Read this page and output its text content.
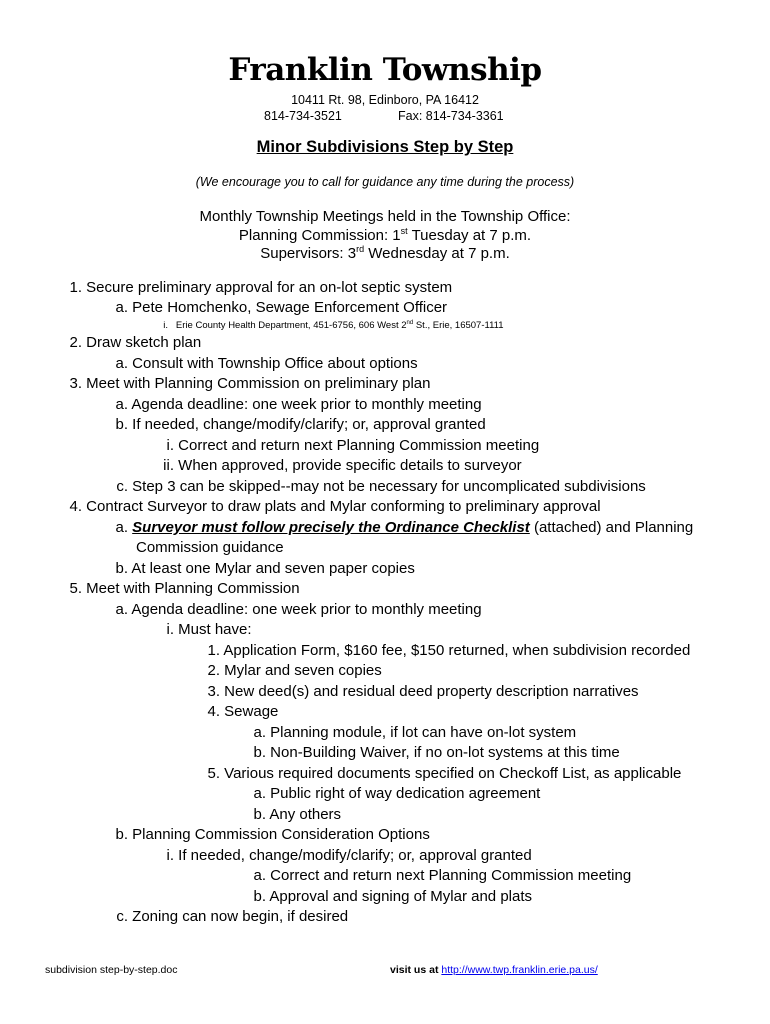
Franklin Township
10411 Rt. 98, Edinboro, PA 16412
814-734-3521	Fax: 814-734-3361
Minor Subdivisions Step by Step
(We encourage you to call for guidance any time during the process)
Monthly Township Meetings held in the Township Office:
Planning Commission: 1st Tuesday at 7 p.m.
Supervisors: 3rd Wednesday at 7 p.m.
1. Secure preliminary approval for an on-lot septic system
a. Pete Homchenko, Sewage Enforcement Officer
i. Erie County Health Department, 451-6756, 606 West 2nd St., Erie, 16507-1111
2. Draw sketch plan
a. Consult with Township Office about options
3. Meet with Planning Commission on preliminary plan
a. Agenda deadline: one week prior to monthly meeting
b. If needed, change/modify/clarify; or, approval granted
i. Correct and return next Planning Commission meeting
ii. When approved, provide specific details to surveyor
c. Step 3 can be skipped--may not be necessary for uncomplicated subdivisions
4. Contract Surveyor to draw plats and Mylar conforming to preliminary approval
a. Surveyor must follow precisely the Ordinance Checklist (attached) and Planning
Commission guidance
b. At least one Mylar and seven paper copies
5. Meet with Planning Commission
a. Agenda deadline: one week prior to monthly meeting
i. Must have:
1. Application Form, $160 fee, $150 returned, when subdivision recorded
2. Mylar and seven copies
3. New deed(s) and residual deed property description narratives
4. Sewage
a. Planning module, if lot can have on-lot system
b. Non-Building Waiver, if no on-lot systems at this time
5. Various required documents specified on Checkoff List, as applicable
a. Public right of way dedication agreement
b. Any others
b. Planning Commission Consideration Options
i. If needed, change/modify/clarify; or, approval granted
a. Correct and return next Planning Commission meeting
b. Approval and signing of Mylar and plats
c. Zoning can now begin, if desired
subdivision step-by-step.doc	visit us at http://www.twp.franklin.erie.pa.us/
